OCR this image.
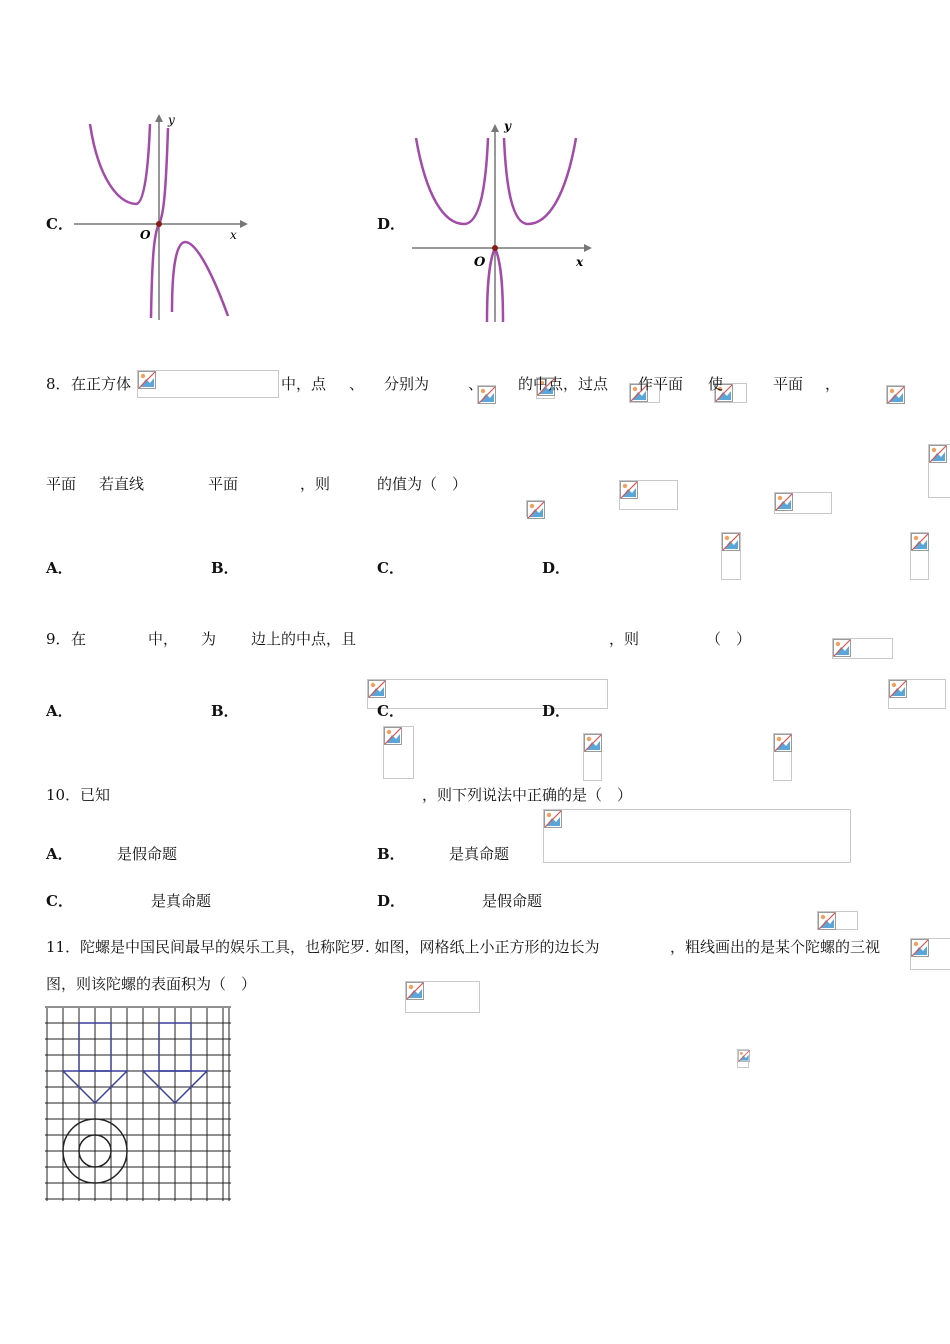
C．
y
x
O
D．
y
x
O
8． 在正方体
	中，点
、
分别为
	、
的中点，过点
作平面
使
	平面
，

平面
若直线
	平面
	，则
	的值为（　）
A．
	B．
	C．
	D．

9． 在
	中，
为
边上的中点，且
	，则
	（　）
A．
	B．
	C．
	D．

10． 已知
	，则下列说法中正确的是（　）
A．
	是假命题	B．
	是真命题
C．
	是真命题	D．
	是假命题
11． 陀螺是中国民间最早的娱乐工具，也称陀罗. 如图，网格纸上小正方形的边长为	，粗线画出的是某个陀螺的三视
图，则该陀螺的表面积为（　）
